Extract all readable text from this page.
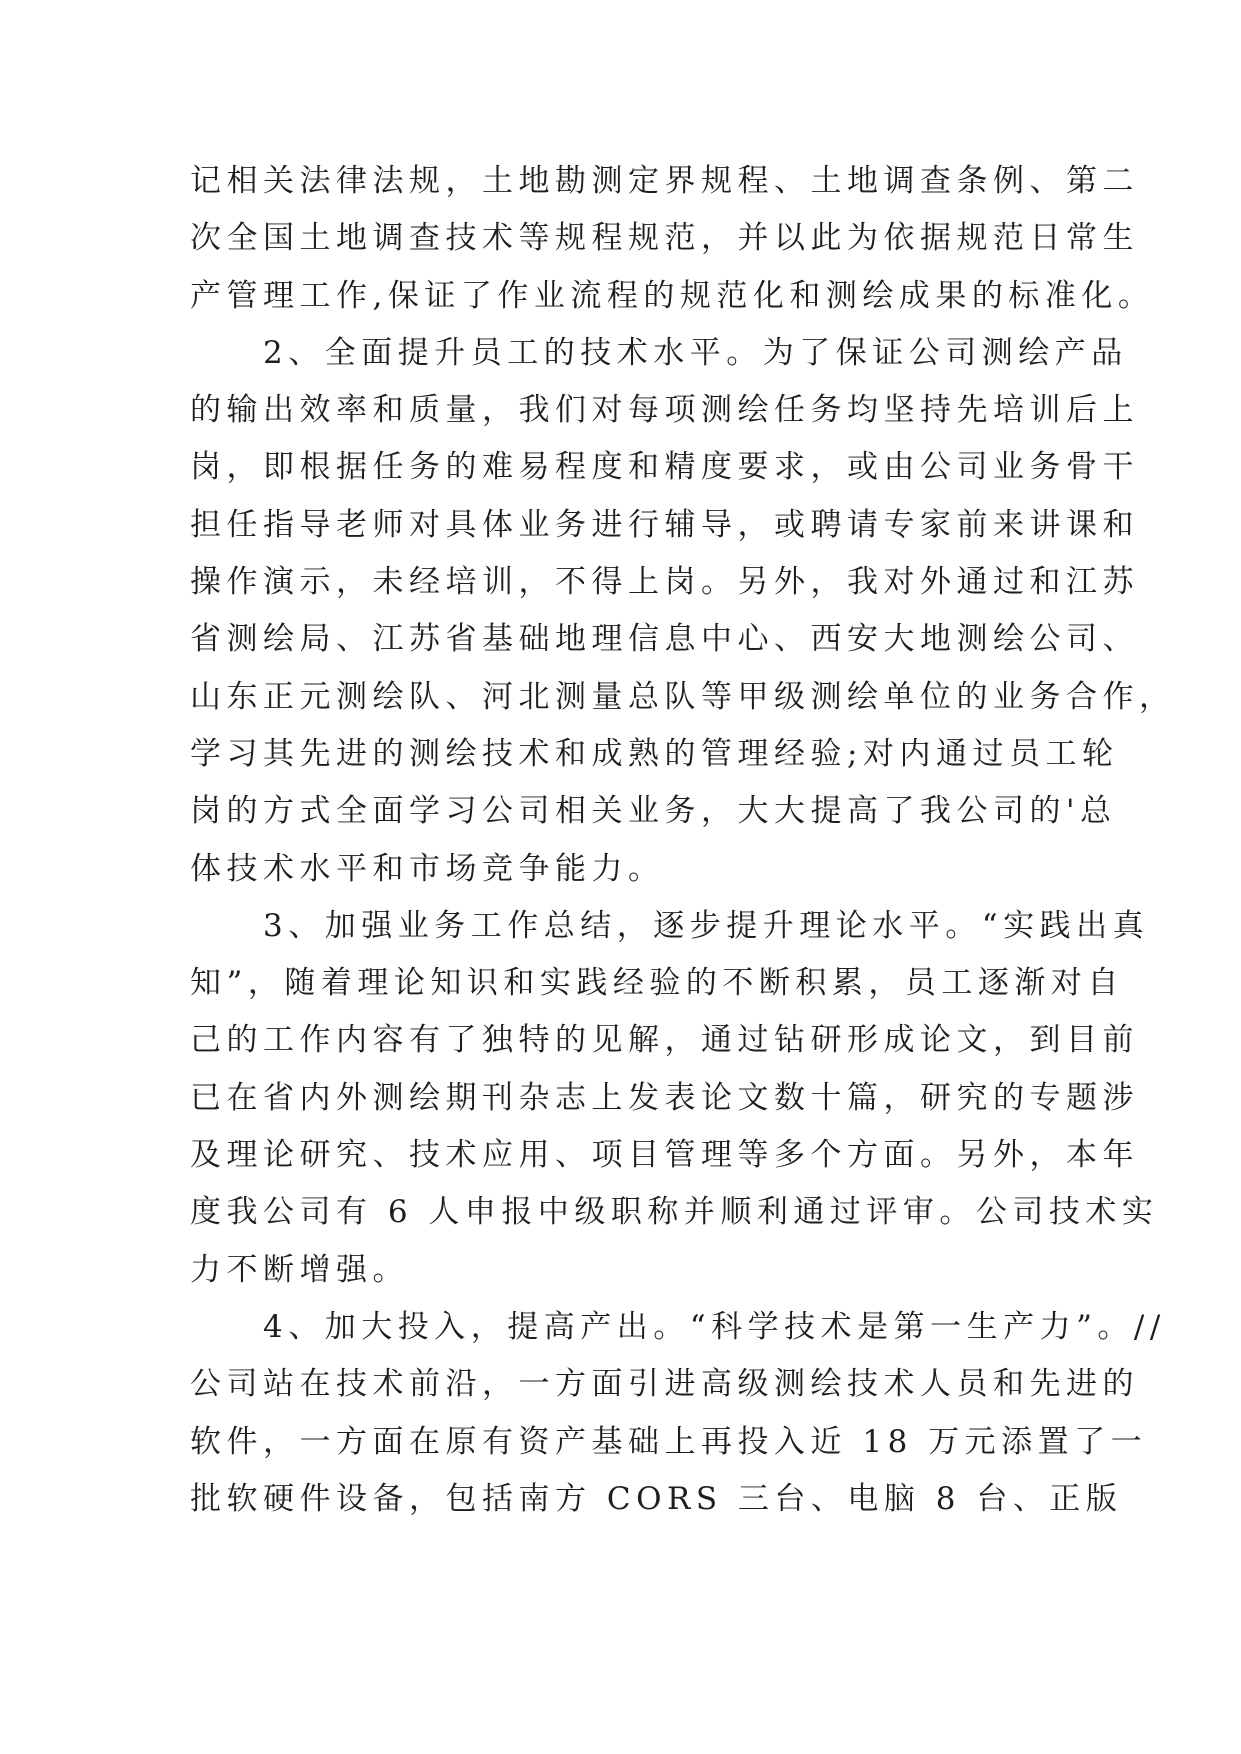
记相关法律法规，土地勘测定界规程、土地调查条例、第二
次全国土地调查技术等规程规范，并以此为依据规范日常生
产管理工作,保证了作业流程的规范化和测绘成果的标准化。
　　2、全面提升员工的技术水平。为了保证公司测绘产品
的输出效率和质量，我们对每项测绘任务均坚持先培训后上
岗，即根据任务的难易程度和精度要求，或由公司业务骨干
担任指导老师对具体业务进行辅导，或聘请专家前来讲课和
操作演示，未经培训，不得上岗。另外，我对外通过和江苏
省测绘局、江苏省基础地理信息中心、西安大地测绘公司、
山东正元测绘队、河北测量总队等甲级测绘单位的业务合作，
学习其先进的测绘技术和成熟的管理经验;对内通过员工轮
岗的方式全面学习公司相关业务，大大提高了我公司的'总
体技术水平和市场竞争能力。
　　3、加强业务工作总结，逐步提升理论水平。“实践出真
知”，随着理论知识和实践经验的不断积累，员工逐渐对自
己的工作内容有了独特的见解，通过钻研形成论文，到目前
已在省内外测绘期刊杂志上发表论文数十篇，研究的专题涉
及理论研究、技术应用、项目管理等多个方面。另外，本年
度我公司有 6 人申报中级职称并顺利通过评审。公司技术实
力不断增强。
　　4、加大投入，提高产出。“科学技术是第一生产力”。//
公司站在技术前沿，一方面引进高级测绘技术人员和先进的
软件，一方面在原有资产基础上再投入近 18 万元添置了一
批软硬件设备，包括南方 CORS 三台、电脑 8 台、正版
